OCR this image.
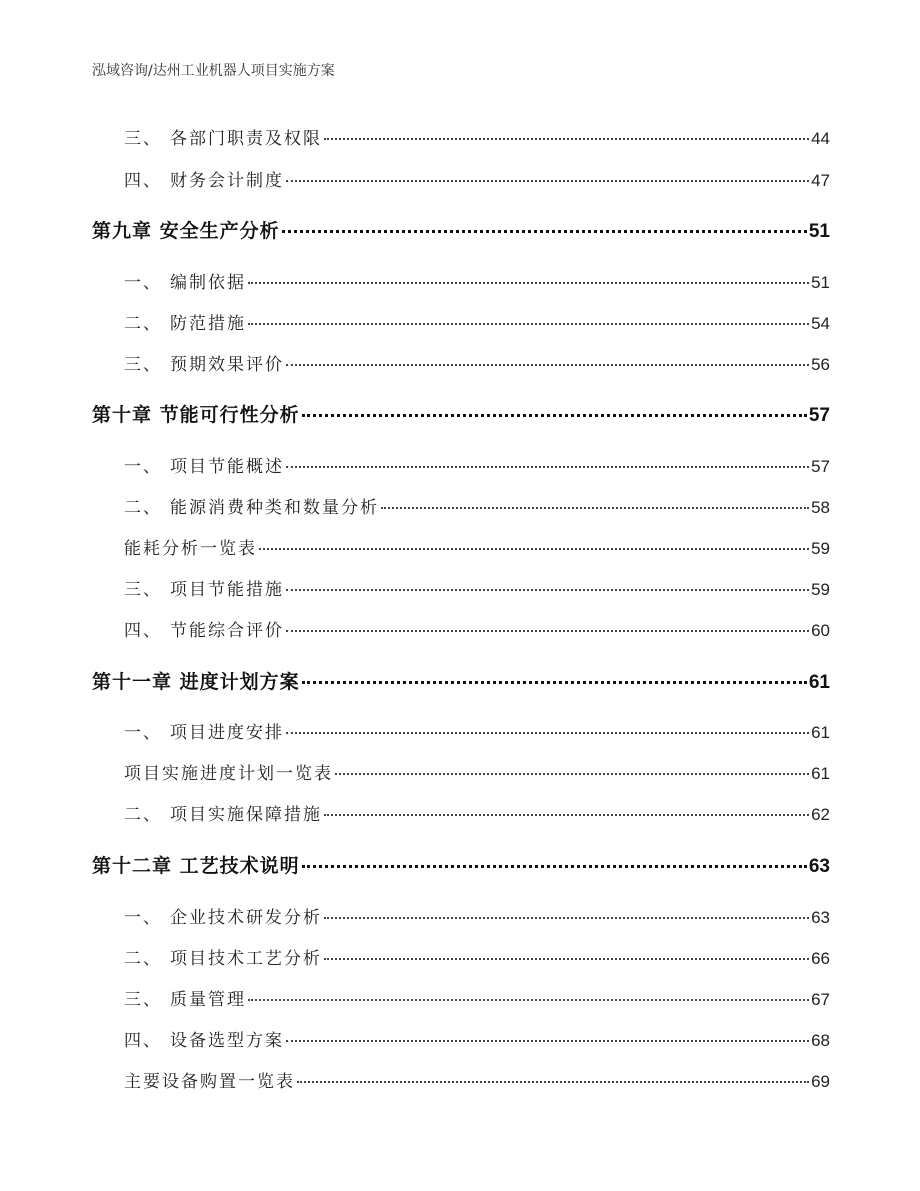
泓域咨询/达州工业机器人项目实施方案
三、 各部门职责及权限	44
四、 财务会计制度	47
第九章 安全生产分析	51
一、 编制依据	51
二、 防范措施	54
三、 预期效果评价	56
第十章 节能可行性分析	57
一、 项目节能概述	57
二、 能源消费种类和数量分析	58
能耗分析一览表	59
三、 项目节能措施	59
四、 节能综合评价	60
第十一章 进度计划方案	61
一、 项目进度安排	61
项目实施进度计划一览表	61
二、 项目实施保障措施	62
第十二章 工艺技术说明	63
一、 企业技术研发分析	63
二、 项目技术工艺分析	66
三、 质量管理	67
四、 设备选型方案	68
主要设备购置一览表	69
